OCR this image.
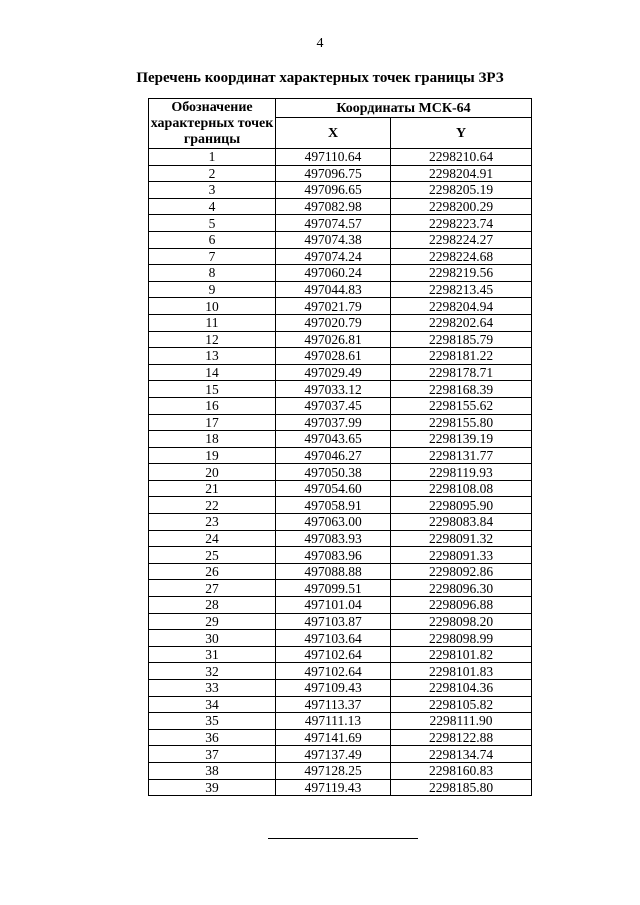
4
Перечень координат характерных точек границы ЗРЗ
Обозначение характерных точек границы	Координаты МСК-64	
	X	Y
1	497110.64	2298210.64
2	497096.75	2298204.91
3	497096.65	2298205.19
4	497082.98	2298200.29
5	497074.57	2298223.74
6	497074.38	2298224.27
7	497074.24	2298224.68
8	497060.24	2298219.56
9	497044.83	2298213.45
10	497021.79	2298204.94
11	497020.79	2298202.64
12	497026.81	2298185.79
13	497028.61	2298181.22
14	497029.49	2298178.71
15	497033.12	2298168.39
16	497037.45	2298155.62
17	497037.99	2298155.80
18	497043.65	2298139.19
19	497046.27	2298131.77
20	497050.38	2298119.93
21	497054.60	2298108.08
22	497058.91	2298095.90
23	497063.00	2298083.84
24	497083.93	2298091.32
25	497083.96	2298091.33
26	497088.88	2298092.86
27	497099.51	2298096.30
28	497101.04	2298096.88
29	497103.87	2298098.20
30	497103.64	2298098.99
31	497102.64	2298101.82
32	497102.64	2298101.83
33	497109.43	2298104.36
34	497113.37	2298105.82
35	497111.13	2298111.90
36	497141.69	2298122.88
37	497137.49	2298134.74
38	497128.25	2298160.83
39	497119.43	2298185.80
